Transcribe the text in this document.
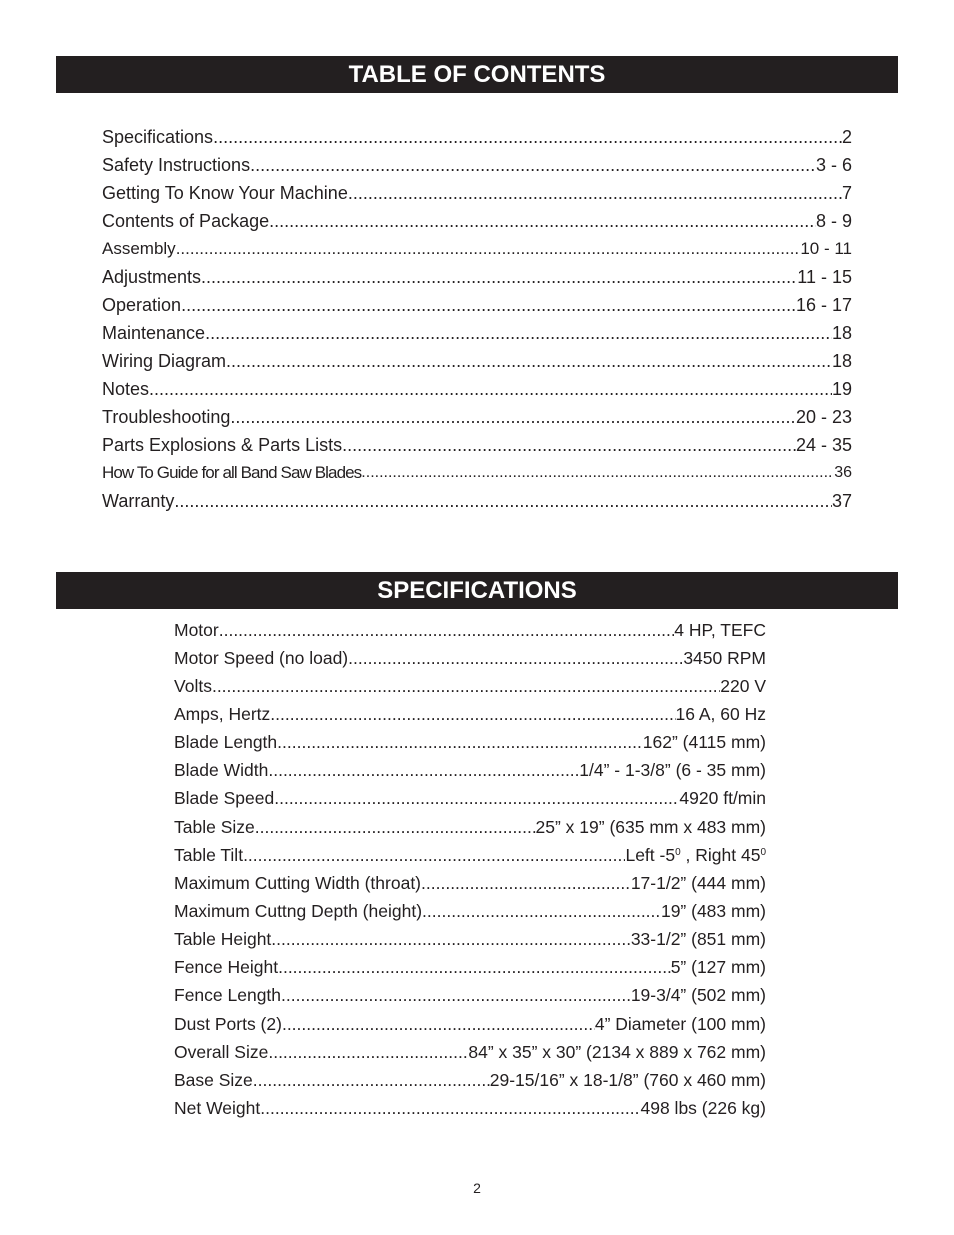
TABLE OF CONTENTS
Specifications .....	2
Safety Instructions .....	3 - 6
Getting To Know Your Machine .....	7
Contents of Package .....	8 - 9
Assembly .....	10 - 11
Adjustments .....	11 - 15
Operation .....	16 - 17
Maintenance .....	18
Wiring Diagram .....	18
Notes .....	19
Troubleshooting .....	20 - 23
Parts Explosions & Parts Lists .....	24 - 35
How To Guide for all Band Saw Blades .....	36
Warranty .....	37
SPECIFICATIONS
Motor .....	4 HP, TEFC
Motor Speed (no load) .....	3450 RPM
Volts .....	220 V
Amps, Hertz .....	16 A, 60 Hz
Blade Length .....	162” (4115 mm)
Blade Width .....	1/4” - 1-3/8” (6 - 35 mm)
Blade Speed .....	4920 ft/min
Table Size .....	25” x 19” (635 mm x 483 mm)
Table Tilt .....	Left $-5^0$ , Right $45^0$
Maximum Cutting Width (throat) .....	17-1/2” (444 mm)
Maximum Cuttng Depth (height) .....	19” (483 mm)
Table Height .....	33-1/2” (851 mm)
Fence Height .....	5” (127 mm)
Fence Length .....	19-3/4” (502 mm)
Dust Ports (2) .....	4” Diameter (100 mm)
Overall Size .....	84” x 35” x 30” (2134 x 889 x 762 mm)
Base Size .....	29-15/16” x 18-1/8” (760 x 460 mm)
Net Weight .....	498 lbs (226 kg)
2
